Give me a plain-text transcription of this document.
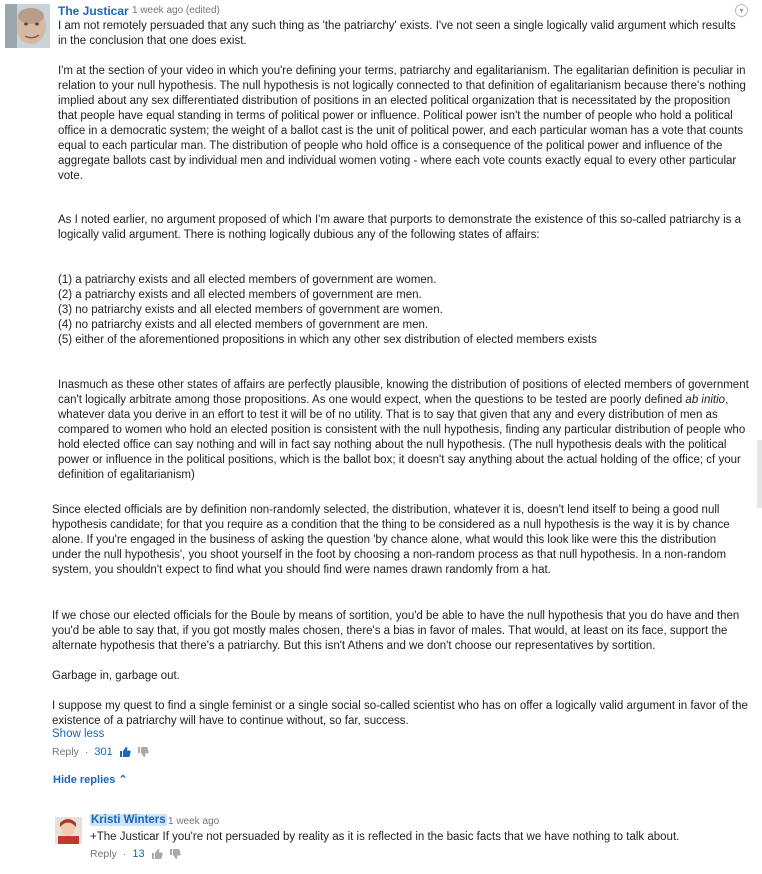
The Justicar 1 week ago (edited)	▾

I am not remotely persuaded that any such thing as 'the patriarchy' exists. I've not seen a single logically valid argument which results in the conclusion that one does exist.

I'm at the section of your video in which you're defining your terms, patriarchy and egalitarianism. The egalitarian definition is peculiar in relation to your null hypothesis. The null hypothesis is not logically connected to that definition of egalitarianism because there's nothing implied about any sex differentiated distribution of positions in an elected political organization that is necessitated by the proposition that people have equal standing in terms of political power or influence. Political power isn't the number of people who hold a political office in a democratic system; the weight of a ballot cast is the unit of political power, and each particular woman has a vote that counts equal to each particular man. The distribution of people who hold office is a consequence of the political power and influence of the aggregate ballots cast by individual men and individual women voting - where each vote counts exactly equal to every other particular vote.

As I noted earlier, no argument proposed of which I'm aware that purports to demonstrate the existence of this so-called patriarchy is a logically valid argument. There is nothing logically dubious any of the following states of affairs:

(1) a patriarchy exists and all elected members of government are women.
(2) a patriarchy exists and all elected members of government are men.
(3) no patriarchy exists and all elected members of government are women.
(4) no patriarchy exists and all elected members of government are men.
(5) either of the aforementioned propositions in which any other sex distribution of elected members exists

Inasmuch as these other states of affairs are perfectly plausible, knowing the distribution of positions of elected members of government can't logically arbitrate among those propositions. As one would expect, when the questions to be tested are poorly defined ab initio, whatever data you derive in an effort to test it will be of no utility. That is to say that given that any and every distribution of men as compared to women who hold an elected position is consistent with the null hypothesis, finding any particular distribution of people who hold elected office can say nothing and will in fact say nothing about the null hypothesis. (The null hypothesis deals with the political power or influence in the political positions, which is the ballot box; it doesn't say anything about the actual holding of the office; cf your definition of egalitarianism)

Since elected officials are by definition non-randomly selected, the distribution, whatever it is, doesn't lend itself to being a good null hypothesis candidate; for that you require as a condition that the thing to be considered as a null hypothesis is the way it is by chance alone. If you're engaged in the business of asking the question 'by chance alone, what would this look like were this the distribution under the null hypothesis', you shoot yourself in the foot by choosing a non-random process as that null hypothesis. In a non-random system, you shouldn't expect to find what you should find were names drawn randomly from a hat.

If we chose our elected officials for the Boule by means of sortition, you'd be able to have the null hypothesis that you do have and then you'd be able to say that, if you got mostly males chosen, there's a bias in favor of males. That would, at least on its face, support the alternate hypothesis that there's a patriarchy. But this isn't Athens and we don't choose our representatives by sortition.

Garbage in, garbage out.

I suppose my quest to find a single feminist or a single social so-called scientist who has on offer a logically valid argument in favor of the existence of a patriarchy will have to continue without, so far, success.

Show less
Reply · 301
Hide replies ⌃
Kristi Winters 1 week ago

+The Justicar If you're not persuaded by reality as it is reflected in the basic facts that we have nothing to talk about.

Reply · 13
